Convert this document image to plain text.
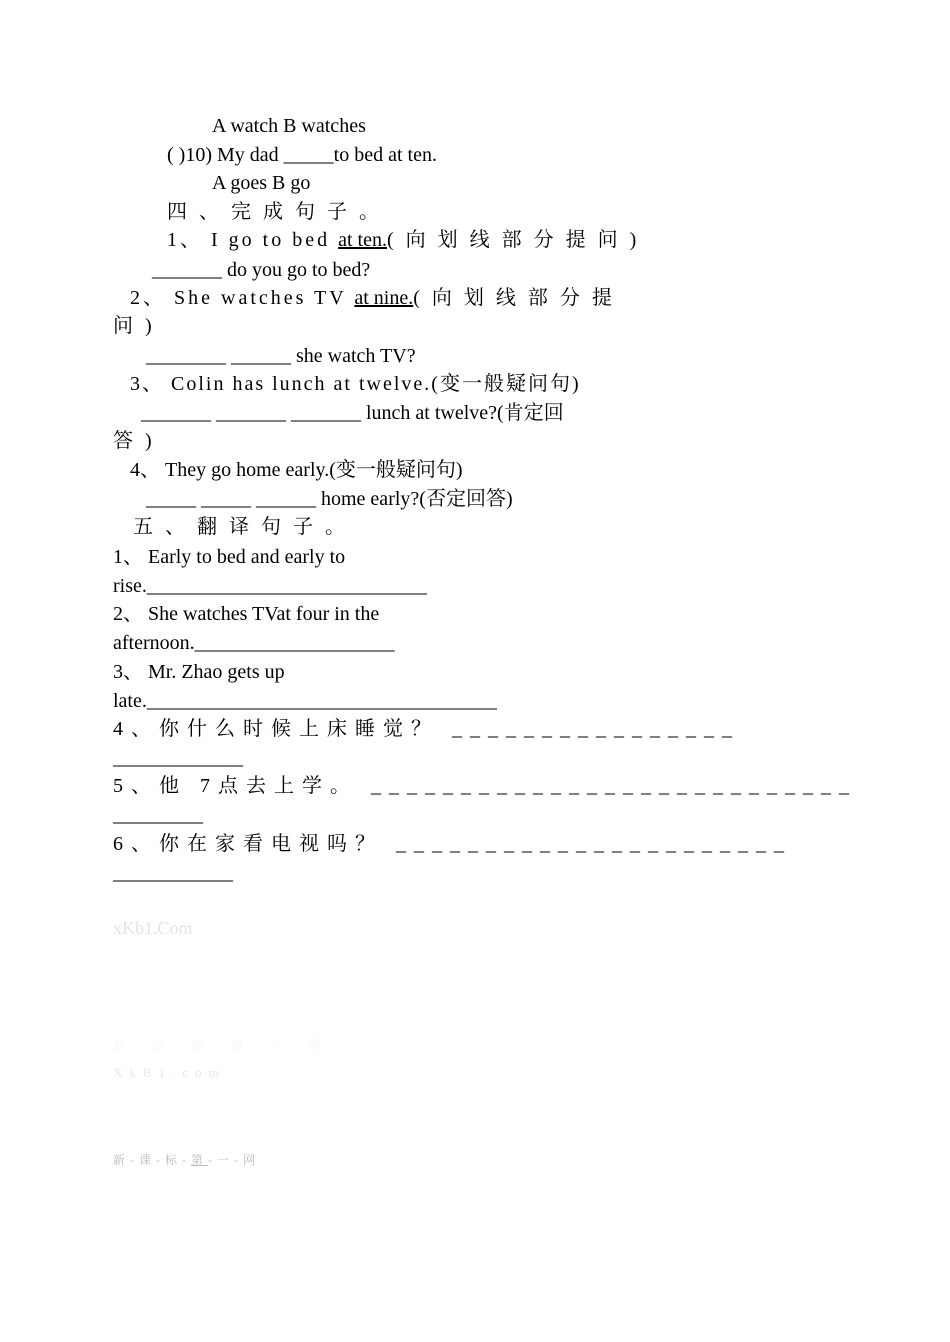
A watch B watches
( )10) My dad _____to bed at ten.
A goes B go
四、完成句子。
1、 I go to bed at ten.(向划线部分提问)
_______ do you go to bed?
2、 She watches TV at nine.(向划线部分提
问)
________ ______ she watch TV?
3、 Colin has lunch at twelve.(变一般疑问句)
_______ _______ _______ lunch at twelve?(肯定回
答)
4、 They go home early.(变一般疑问句)
_____ _____ ______ home early?(否定回答)
五、翻译句子。
1、 Early to bed and early to
rise.____________________________
2、 She watches TVat four in the
afternoon.____________________
3、 Mr. Zhao gets up
late.___________________________________
4、你什么时候上床睡觉？ ________________
_____________
5、他 7点去上学。 ___________________________
_________
6、你在家看电视吗？ ______________________
____________
xKb1.Com
新课标第一网
XkB1.com
新-课-标-第-一-网
